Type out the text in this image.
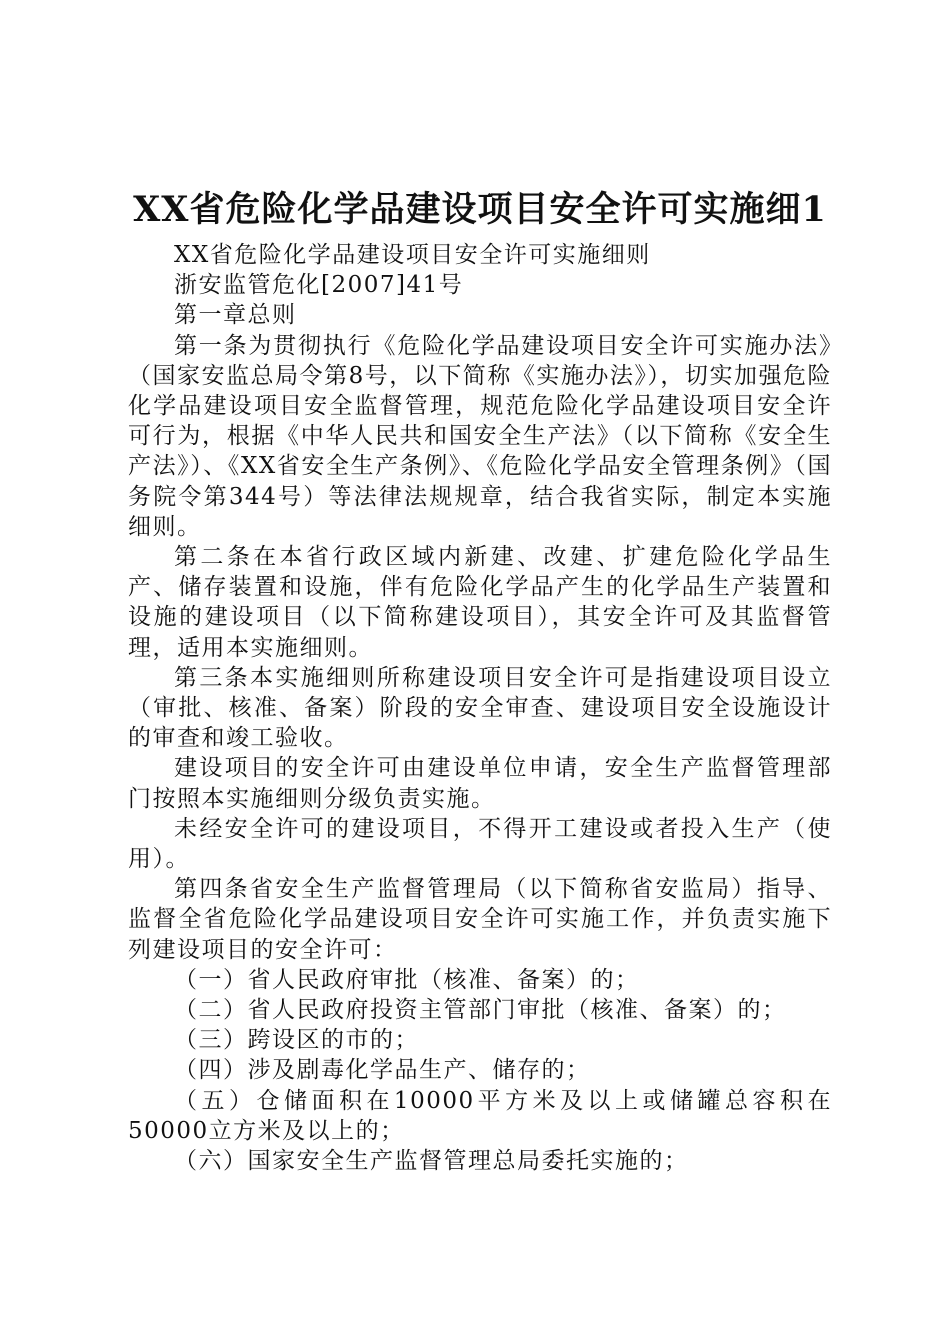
XX省危险化学品建设项目安全许可实施细1

XX省危险化学品建设项目安全许可实施细则

浙安监管危化[2007]41号

第一章总则

第一条为贯彻执行《危险化学品建设项目安全许可实施办法》（国家安监总局令第8号，以下简称《实施办法》），切实加强危险化学品建设项目安全监督管理，规范危险化学品建设项目安全许可行为，根据《中华人民共和国安全生产法》（以下简称《安全生产法》）、《XX省安全生产条例》、《危险化学品安全管理条例》（国务院令第344号）等法律法规规章，结合我省实际，制定本实施细则。

第二条在本省行政区域内新建、改建、扩建危险化学品生产、储存装置和设施，伴有危险化学品产生的化学品生产装置和设施的建设项目（以下简称建设项目），其安全许可及其监督管理，适用本实施细则。

第三条本实施细则所称建设项目安全许可是指建设项目设立（审批、核准、备案）阶段的安全审查、建设项目安全设施设计的审查和竣工验收。

建设项目的安全许可由建设单位申请，安全生产监督管理部门按照本实施细则分级负责实施。

未经安全许可的建设项目，不得开工建设或者投入生产（使用）。

第四条省安全生产监督管理局（以下简称省安监局）指导、监督全省危险化学品建设项目安全许可实施工作，并负责实施下列建设项目的安全许可：

（一）省人民政府审批（核准、备案）的；

（二）省人民政府投资主管部门审批（核准、备案）的；

（三）跨设区的市的；

（四）涉及剧毒化学品生产、储存的；

（五）仓储面积在10000平方米及以上或储罐总容积在50000立方米及以上的；

（六）国家安全生产监督管理总局委托实施的；
